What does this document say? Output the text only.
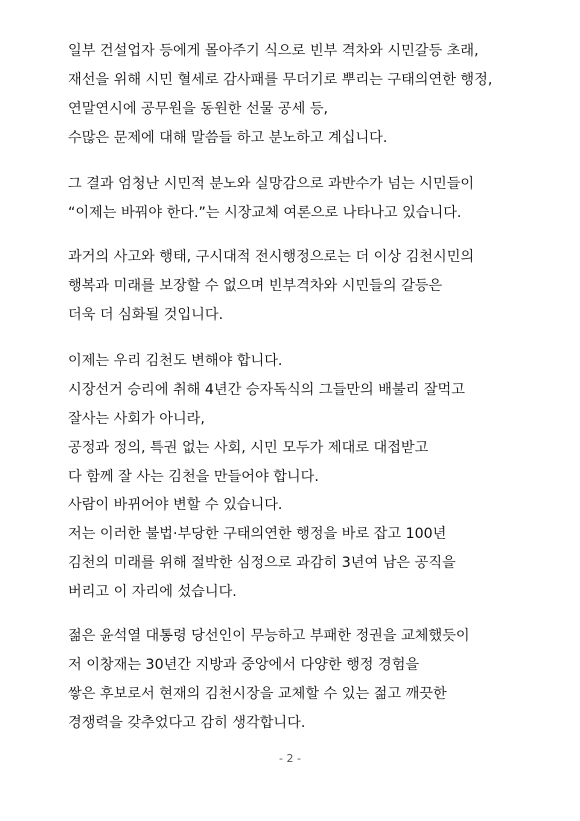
일부 건설업자 등에게 몰아주기 식으로 빈부 격차와 시민갈등 초래,
재선을 위해 시민 혈세로 감사패를 무더기로 뿌리는 구태의연한 행정,
연말연시에 공무원을 동원한 선물 공세 등,
수많은 문제에 대해 말씀들 하고 분노하고 계십니다.
그 결과 엄청난 시민적 분노와 실망감으로 과반수가 넘는 시민들이
“이제는 바꿔야 한다.”는 시장교체 여론으로 나타나고 있습니다.
과거의 사고와 행태, 구시대적 전시행정으로는 더 이상 김천시민의
행복과 미래를 보장할 수 없으며 빈부격차와 시민들의 갈등은
더욱 더 심화될 것입니다.
이제는 우리 김천도 변해야 합니다.
시장선거 승리에 취해 4년간 승자독식의 그들만의 배불리 잘먹고
잘사는 사회가 아니라,
공정과 정의, 특권 없는 사회, 시민 모두가 제대로 대접받고
다 함께 잘 사는 김천을 만들어야 합니다.
사람이 바뀌어야 변할 수 있습니다.
저는 이러한 불법·부당한 구태의연한 행정을 바로 잡고 100년
김천의 미래를 위해 절박한 심정으로 과감히 3년여 남은 공직을
버리고 이 자리에 섰습니다.
젊은 윤석열 대통령 당선인이 무능하고 부패한 정권을 교체했듯이
저 이창재는 30년간 지방과 중앙에서 다양한 행정 경험을
쌓은 후보로서 현재의 김천시장을 교체할 수 있는 젊고 깨끗한
경쟁력을 갖추었다고 감히 생각합니다.
- 2 -
